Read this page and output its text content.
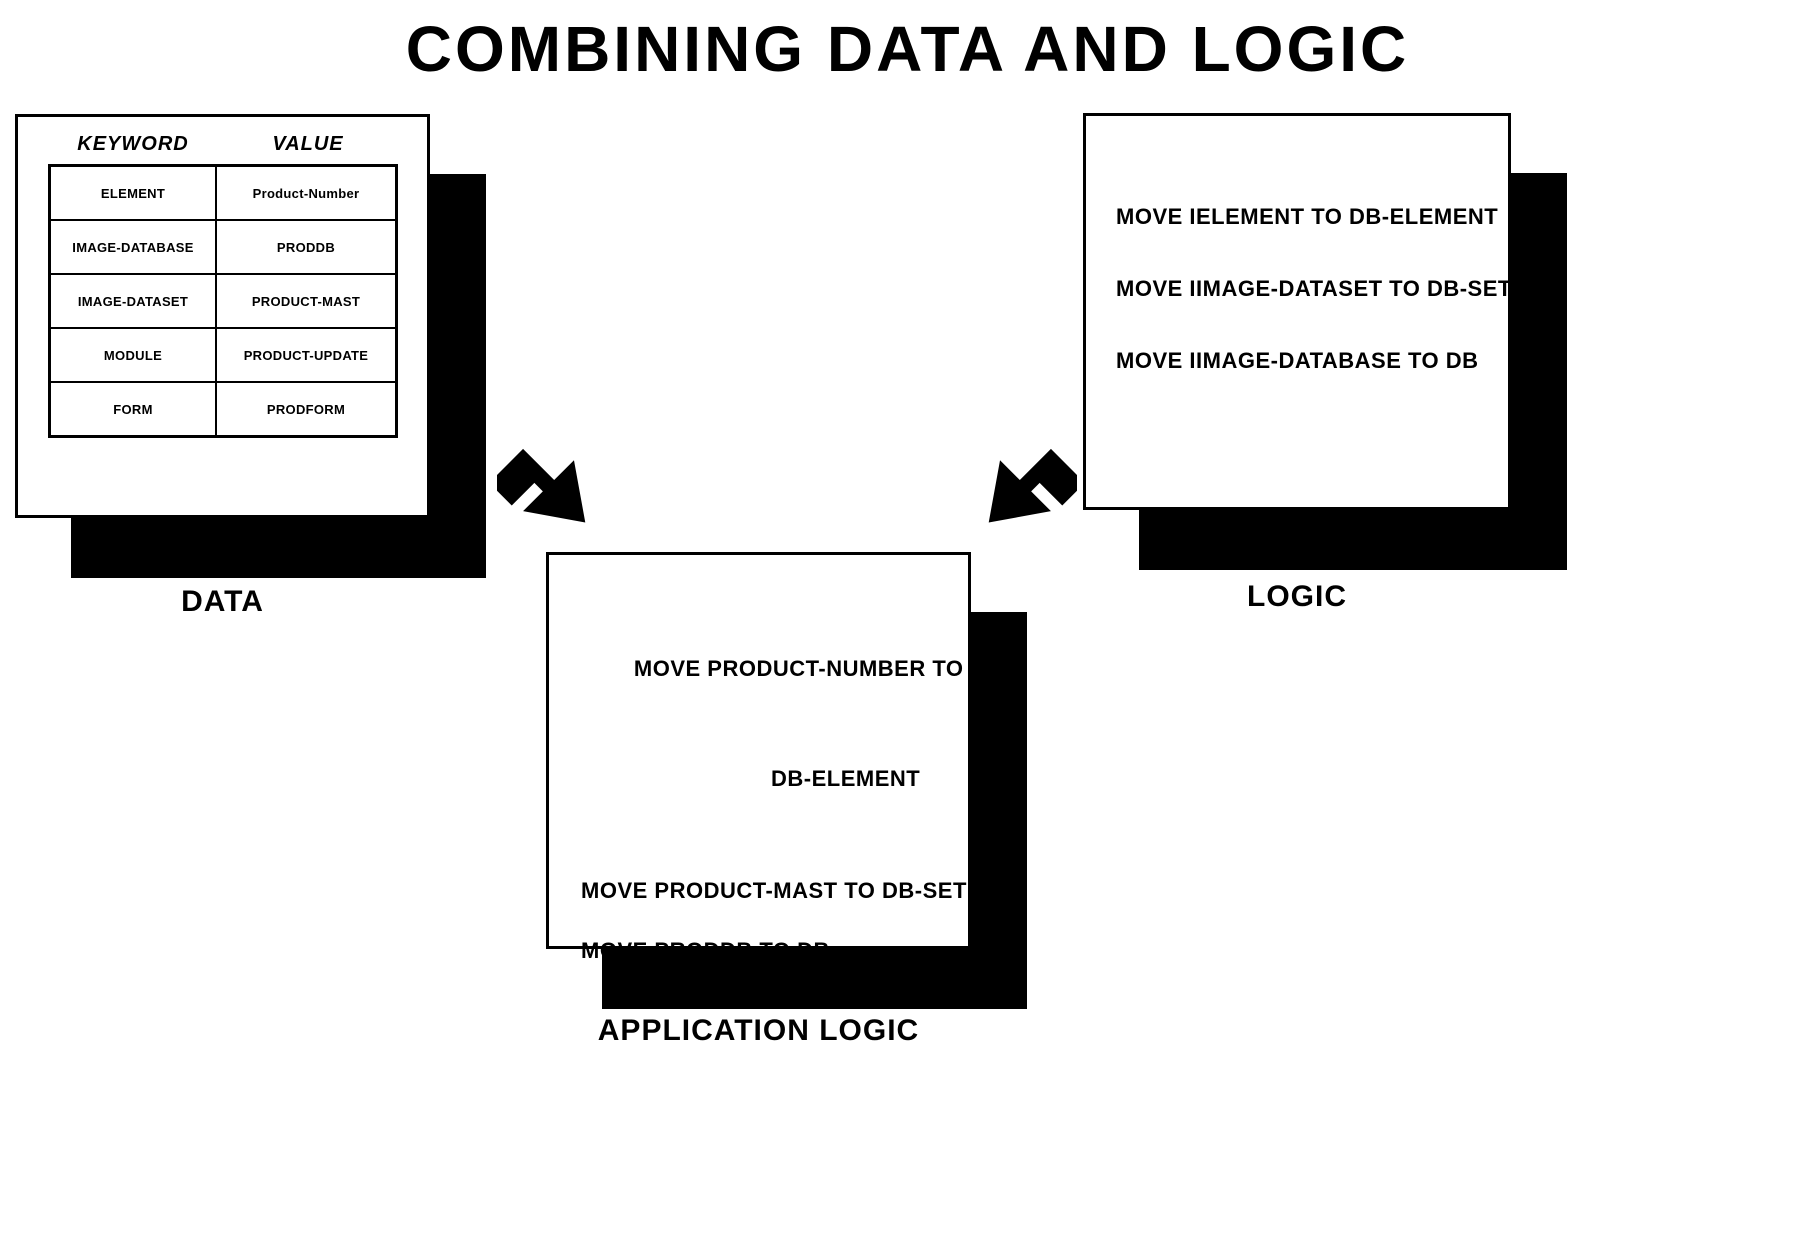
COMBINING DATA AND LOGIC
KEYWORD	VALUE
ELEMENT	Product-Number
IMAGE-DATABASE	PRODDB
IMAGE-DATASET	PRODUCT-MAST
MODULE	PRODUCT-UPDATE
FORM	PRODFORM
DATA
MOVE IELEMENT TO DB-ELEMENT
MOVE IIMAGE-DATASET TO DB-SET
MOVE IIMAGE-DATABASE TO DB
LOGIC

MOVE PRODUCT-NUMBER TO

DB-ELEMENT

MOVE PRODUCT-MAST TO DB-SET
MOVE PRODDB TO DB
APPLICATION LOGIC
